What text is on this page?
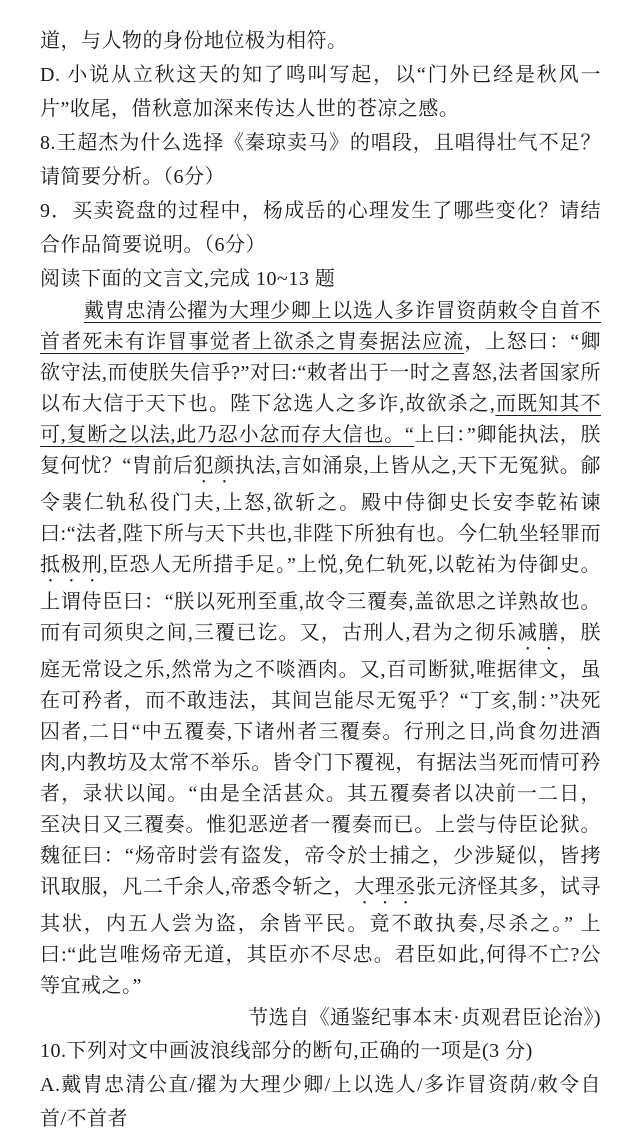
道，与人物的身份地位极为相符。

D. 小说从立秋这天的知了鸣叫写起，以“门外已经是秋风一片”收尾，借秋意加深来传达人世的苍凉之感。

8.王超杰为什么选择《秦琼卖马》的唱段，且唱得壮气不足？请简要分析。（6分）

9．买卖瓷盘的过程中，杨成岳的心理发生了哪些变化？请结合作品简要说明。（6分）

阅读下面的文言文,完成 10~13 题

戴胄忠清公擢为大理少卿上以选人多诈冒资荫敕令自首不首者死未有诈冒事觉者上欲杀之胄奏据法应流，上怒曰：“卿欲守法,而使朕失信乎?”对曰:“敕者出于一时之喜怒,法者国家所以布大信于天下也。陛下忿选人之多诈,故欲杀之,而既知其不可,复断之以法,此乃忍小忿而存大信也。“上曰：”卿能执法，朕复何忧？“胄前后犯颜执法,言如涌泉,上皆从之,天下无冤狱。鄃令裴仁轨私役门夫,上怒,欲斩之。殿中侍御史长安李乾祐谏曰:“法者,陛下所与天下共也,非陛下所独有也。今仁轨坐轻罪而抵极刑,臣恐人无所措手足。”上悦,免仁轨死,以乾祐为侍御史。上谓侍臣曰：“朕以死刑至重,故令三覆奏,盖欲思之详熟故也。而有司须臾之间,三覆已讫。又，古刑人,君为之彻乐减膳，朕庭无常设之乐,然常为之不啖酒肉。又,百司断狱,唯据律文，虽在可矜者，而不敢违法，其间岂能尽无冤乎？“丁亥,制：”决死囚者,二日“中五覆奏,下诸州者三覆奏。行刑之日,尚食勿进酒肉,内教坊及太常不举乐。皆令门下覆视，有据法当死而情可矜者，录状以闻。“由是全活甚众。其五覆奏者以决前一二日，至决日又三覆奏。惟犯恶逆者一覆奏而已。上尝与侍臣论狱。魏征曰：“炀帝时尝有盗发，帝令於士捕之，少涉疑似，皆拷讯取服，凡二千余人,帝悉令斩之，大理丞张元济怪其多，试寻其状，内五人尝为盗，余皆平民。竟不敢执奏,尽杀之。” 上曰:“此岂唯炀帝无道，其臣亦不尽忠。君臣如此,何得不亡?公等宜戒之。”

节选自《通鉴纪事本末·贞观君臣论治》)

10.下列对文中画波浪线部分的断句,正确的一项是(3 分)

A.戴胄忠清公直/擢为大理少卿/上以选人/多诈冒资荫/敕令自首/不首者
